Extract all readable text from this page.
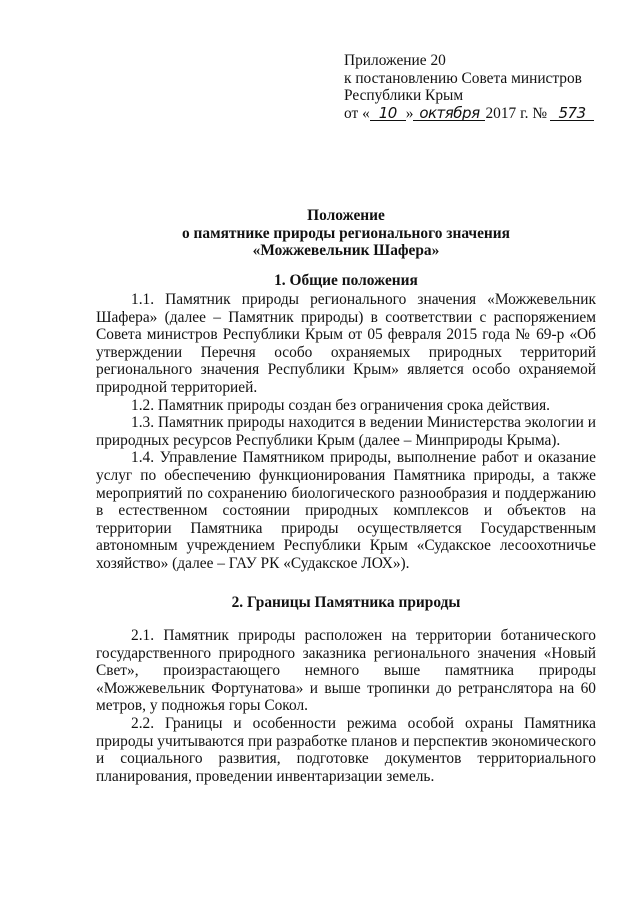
Приложение 20
к постановлению Совета министров
Республики Крым
от « 10 » октября 2017 г. № 573
Положение
о памятнике природы регионального значения
«Можжевельник Шафера»
1. Общие положения

1.1. Памятник природы регионального значения «Можжевельник Шафера» (далее – Памятник природы) в соответствии с распоряжением Совета министров Республики Крым от 05 февраля 2015 года № 69-р «Об утверждении Перечня особо охраняемых природных территорий регионального значения Республики Крым» является особо охраняемой природной территорией.

1.2. Памятник природы создан без ограничения срока действия.

1.3. Памятник природы находится в ведении Министерства экологии и природных ресурсов Республики Крым (далее – Минприроды Крыма).

1.4. Управление Памятником природы, выполнение работ и оказание услуг по обеспечению функционирования Памятника природы, а также мероприятий по сохранению биологического разнообразия и поддержанию в естественном состоянии природных комплексов и объектов на территории Памятника природы осуществляется Государственным автономным учреждением Республики Крым «Судакское лесоохотничье хозяйство» (далее – ГАУ РК «Судакское ЛОХ»).

2. Границы Памятника природы

2.1. Памятник природы расположен на территории ботанического государственного природного заказника регионального значения «Новый Свет», произрастающего немного выше памятника природы «Можжевельник Фортунатова» и выше тропинки до ретранслятора на 60 метров, у подножья горы Сокол.

2.2. Границы и особенности режима особой охраны Памятника природы учитываются при разработке планов и перспектив экономического и социального развития, подготовке документов территориального планирования, проведении инвентаризации земель.
